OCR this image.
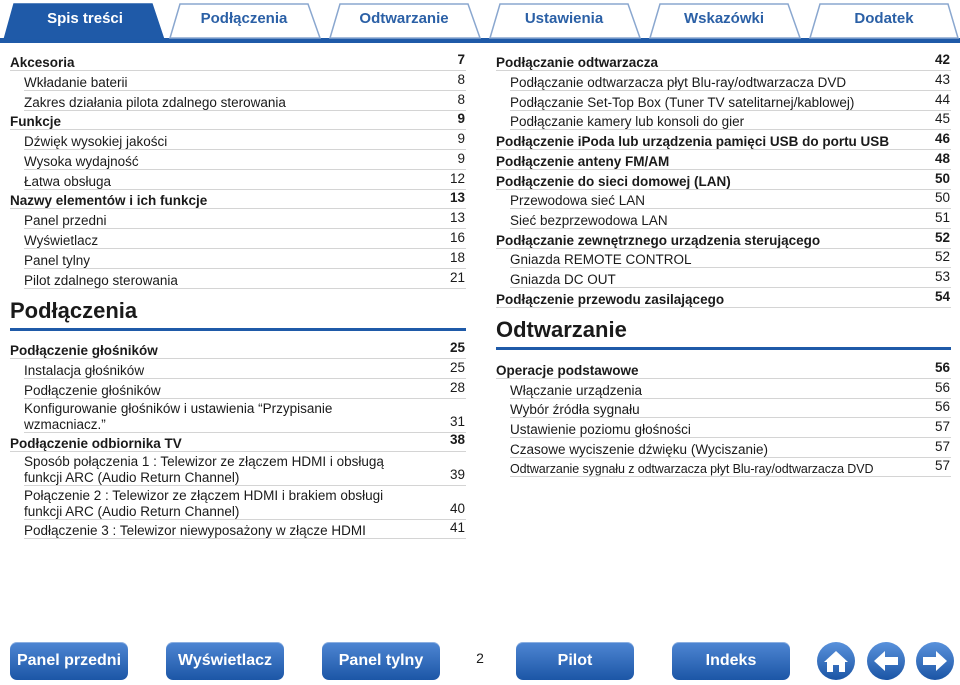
Spis treści	Podłączenia	Odtwarzanie	Ustawienia	Wskazówki	Dodatek
Akcesoria	7
Wkładanie baterii	8
Zakres działania pilota zdalnego sterowania	8
Funkcje	9
Dźwięk wysokiej jakości	9
Wysoka wydajność	9
Łatwa obsługa	12
Nazwy elementów i ich funkcje	13
Panel przedni	13
Wyświetlacz	16
Panel tylny	18
Pilot zdalnego sterowania	21
Podłączenia
Podłączenie głośników	25
Instalacja głośników	25
Podłączenie głośników	28
Konfigurowanie głośników i ustawienia “Przypisanie wzmacniacz.”	31
Podłączenie odbiornika TV	38
Sposób połączenia 1 : Telewizor ze złączem HDMI i obsługą funkcji ARC (Audio Return Channel)	39
Połączenie 2 : Telewizor ze złączem HDMI i brakiem obsługi funkcji ARC (Audio Return Channel)	40
Podłączenie 3 : Telewizor niewyposażony w złącze HDMI	41
Podłączanie odtwarzacza	42
Podłączanie odtwarzacza płyt Blu-ray/odtwarzacza DVD	43
Podłączanie Set-Top Box (Tuner TV satelitarnej/kablowej)	44
Podłączanie kamery lub konsoli do gier	45
Podłączenie iPoda lub urządzenia pamięci USB do portu USB	46
Podłączenie anteny FM/AM	48
Podłączenie do sieci domowej (LAN)	50
Przewodowa sieć LAN	50
Sieć bezprzewodowa LAN	51
Podłączanie zewnętrznego urządzenia sterującego	52
Gniazda REMOTE CONTROL	52
Gniazda DC OUT	53
Podłączenie przewodu zasilającego	54
Odtwarzanie
Operacje podstawowe	56
Włączanie urządzenia	56
Wybór źródła sygnału	56
Ustawienie poziomu głośności	57
Czasowe wyciszenie dźwięku (Wyciszanie)	57
Odtwarzanie sygnału z odtwarzacza płyt Blu-ray/odtwarzacza DVD	57
Panel przedni	Wyświetlacz	Panel tylny	2	Pilot	Indeks
